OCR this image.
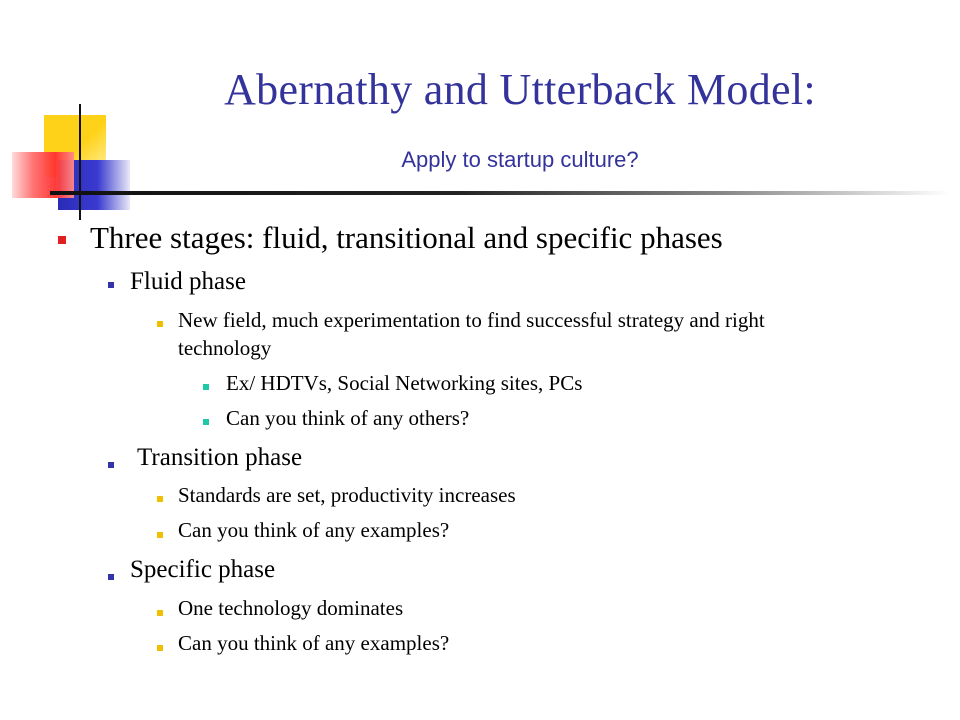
Abernathy and Utterback Model:
Apply to startup culture?
Three stages: fluid, transitional and specific phases
Fluid phase
New field, much experimentation to find successful strategy and right
technology
Ex/ HDTVs, Social Networking sites, PCs
Can you think of any others?
Transition phase
Standards are set, productivity increases
Can you think of any examples?
Specific phase
One technology dominates
Can you think of any examples?
